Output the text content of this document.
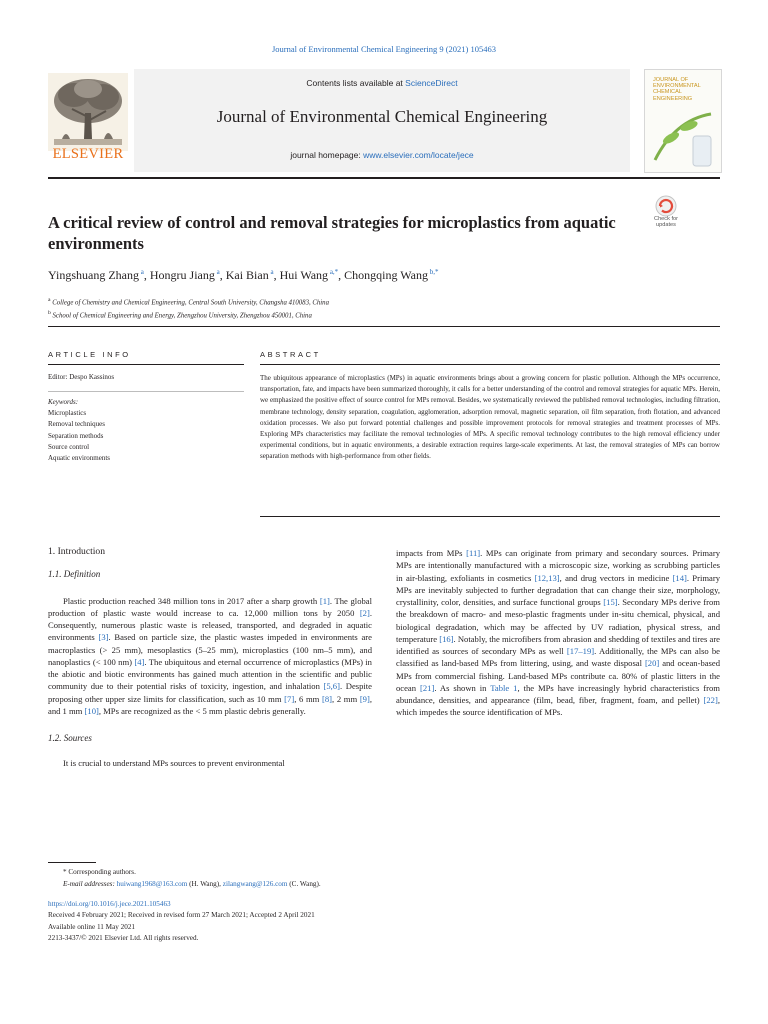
Journal of Environmental Chemical Engineering 9 (2021) 105463
ELSEVIER
Contents lists available at ScienceDirect
Journal of Environmental Chemical Engineering
journal homepage: www.elsevier.com/locate/jece
JOURNAL OF ENVIRONMENTAL CHEMICAL ENGINEERING
A critical review of control and removal strategies for microplastics from aquatic environments
Check for updates
Yingshuang Zhang $^a$, Hongru Jiang $^a$, Kai Bian $^a$, Hui Wang $^{a,*}$, Chongqing Wang $^{b,*}$
$^a$ College of Chemistry and Chemical Engineering, Central South University, Changsha 410083, China
$^b$ School of Chemical Engineering and Energy, Zhengzhou University, Zhengzhou 450001, China
ARTICLE INFO	ABSTRACT
Editor: Despo Kassinos
Keywords:
Microplastics
Removal techniques
Separation methods
Source control
Aquatic environments
The ubiquitous appearance of microplastics (MPs) in aquatic environments brings about a growing concern for plastic pollution. Although the MPs occurrence, transportation, fate, and impacts have been summarized thoroughly, it calls for a better understanding of the control and removal strategies for aquatic MPs. Herein, we emphasized the positive effect of source control for MPs removal. Besides, we systematically reviewed the published removal technologies, including filtration, membrane technology, density separation, coagulation, agglomeration, adsorption removal, magnetic separation, oil film separation, froth flotation, and advanced oxidation processes. We also put forward potential challenges and possible improvement protocols for removal strategies and treatment processes of MPs. Exploring MPs characteristics may facilitate the removal technologies of MPs. A specific removal technology contributes to the high removal efficiency under experimental conditions, but in aquatic environments, a desirable extraction requires large-scale experiments. At last, the removal strategies of MPs can borrow separation methods with high-performance from other fields.

1. Introduction

1.1. Definition

Plastic production reached 348 million tons in 2017 after a sharp growth [1]. The global production of plastic waste would increase to ca. 12,000 million tons by 2050 [2]. Consequently, numerous plastic waste is released, transported, and degraded in aquatic environments [3]. Based on particle size, the plastic wastes impeded in environments are macroplastics (> 25 mm), mesoplastics (5–25 mm), microplastics (100 nm–5 mm), and nanoplastics (< 100 nm) [4]. The ubiquitous and eternal occurrence of microplastics (MPs) in the abiotic and biotic environments has gained much attention in the scientific and public community due to their potential risks of toxicity, ingestion, and inhalation [5,6]. Despite proposing other upper size limits for classification, such as 10 mm [7], 6 mm [8], 2 mm [9], and 1 mm [10], MPs are recognized as the < 5 mm plastic debris generally.

1.2. Sources

It is crucial to understand MPs sources to prevent environmental

impacts from MPs [11]. MPs can originate from primary and secondary sources. Primary MPs are intentionally manufactured with a microscopic size, working as scrubbing particles in air-blasting, exfoliants in cosmetics [12,13], and drug vectors in medicine [14]. Primary MPs are inevitably subjected to further degradation that can change their size, morphology, crystallinity, color, densities, and surface functional groups [15]. Secondary MPs derive from the breakdown of macro- and meso-plastic fragments under in-situ chemical, physical, and biological degradation, which may be affected by UV radiation, physical stress, and temperature [16]. Notably, the microfibers from abrasion and shedding of textiles and tires are identified as sources of secondary MPs as well [17–19]. Additionally, the MPs can also be classified as land-based MPs from littering, using, and waste disposal [20] and ocean-based MPs from commercial fishing. Land-based MPs contribute ca. 80% of plastic litters in the ocean [21]. As shown in Table 1, the MPs have increasingly hybrid characteristics from abundance, densities, and appearance (film, bead, fiber, fragment, foam, and pellet) [22], which impedes the source identification of MPs.

* Corresponding authors.
E-mail addresses: huiwang1968@163.com (H. Wang), zilangwang@126.com (C. Wang).
https://doi.org/10.1016/j.jece.2021.105463
Received 4 February 2021; Received in revised form 27 March 2021; Accepted 2 April 2021
Available online 11 May 2021
2213-3437/© 2021 Elsevier Ltd. All rights reserved.
